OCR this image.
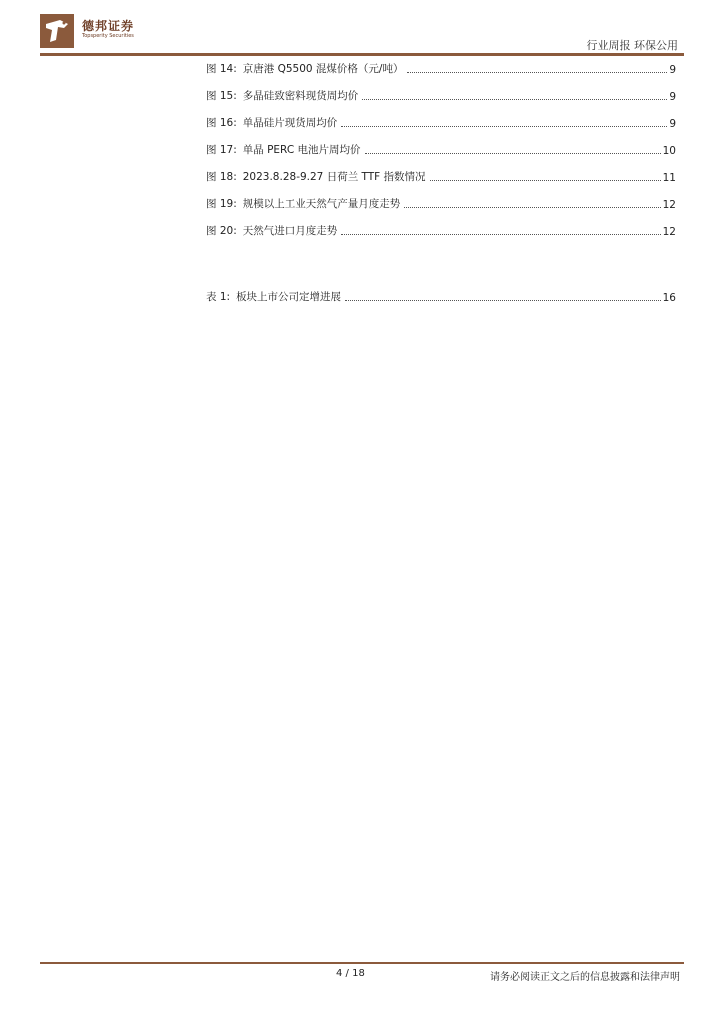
德邦证券
Topsperity Securities
行业周报 环保公用
图 14: 京唐港 Q5500 混煤价格（元/吨）	9
图 15: 多晶硅致密料现货周均价	9
图 16: 单晶硅片现货周均价	9
图 17: 单晶 PERC 电池片周均价	10
图 18: 2023.8.28-9.27 日荷兰 TTF 指数情况	11
图 19: 规模以上工业天然气产量月度走势	12
图 20: 天然气进口月度走势	12
表 1: 板块上市公司定增进展	16
4 / 18	请务必阅读正文之后的信息披露和法律声明
